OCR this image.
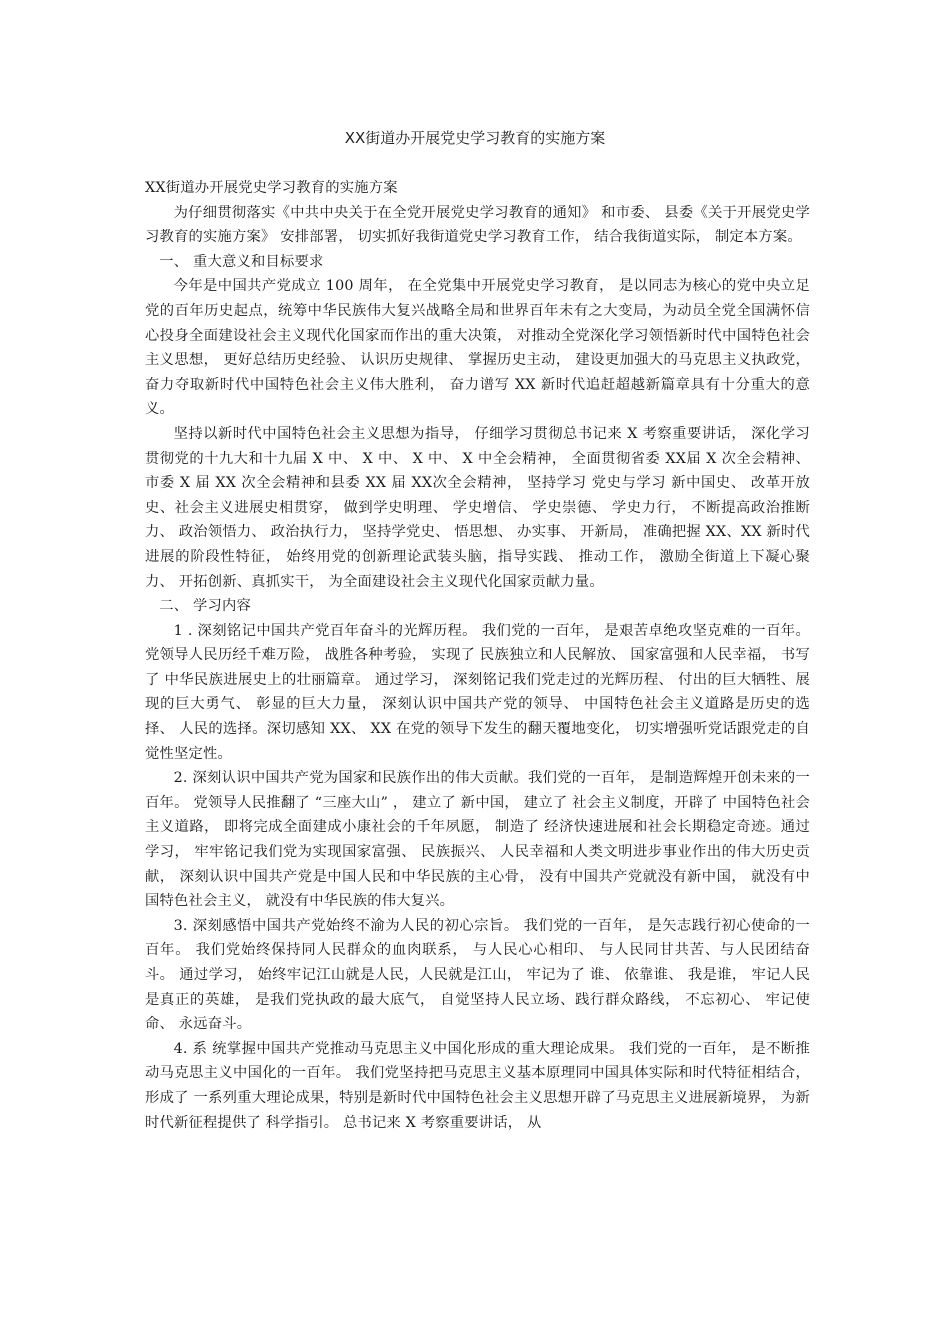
XX街道办开展党史学习教育的实施方案

XX街道办开展党史学习教育的实施方案

为仔细贯彻落实《中共中央关于在全党开展党史学习教育的通知》 和市委、 县委《关于开展党史学习教育的实施方案》 安排部署， 切实抓好我街道党史学习教育工作， 结合我街道实际， 制定本方案。

一、 重大意义和目标要求

今年是中国共产党成立 100 周年， 在全党集中开展党史学习教育， 是以同志为核心的党中央立足党的百年历史起点，统筹中华民族伟大复兴战略全局和世界百年未有之大变局，为动员全党全国满怀信心投身全面建设社会主义现代化国家而作出的重大决策， 对推动全党深化学习领悟新时代中国特色社会主义思想， 更好总结历史经验、 认识历史规律、 掌握历史主动， 建设更加强大的马克思主义执政党， 奋力夺取新时代中国特色社会主义伟大胜利， 奋力谱写 XX 新时代追赶超越新篇章具有十分重大的意义。

坚持以新时代中国特色社会主义思想为指导， 仔细学习贯彻总书记来 X 考察重要讲话， 深化学习贯彻党的十九大和十九届 X 中、 X 中、 X 中、 X 中全会精神， 全面贯彻省委 XX届 X 次全会精神、 市委 X 届 XX 次全会精神和县委 XX 届 XX次全会精神， 坚持学习 党史与学习 新中国史、 改革开放史、社会主义进展史相贯穿， 做到学史明理、 学史增信、 学史崇德、 学史力行， 不断提高政治推断力、 政治领悟力、 政治执行力， 坚持学党史、 悟思想、 办实事、 开新局， 准确把握 XX、XX 新时代进展的阶段性特征， 始终用党的创新理论武装头脑，指导实践、 推动工作， 激励全街道上下凝心聚力、 开拓创新、真抓实干， 为全面建设社会主义现代化国家贡献力量。

二、 学习内容

1 . 深刻铭记中国共产党百年奋斗的光辉历程。 我们党的一百年， 是艰苦卓绝攻坚克难的一百年。 党领导人民历经千难万险， 战胜各种考验， 实现了 民族独立和人民解放、 国家富强和人民幸福， 书写了 中华民族进展史上的壮丽篇章。 通过学习， 深刻铭记我们党走过的光辉历程、 付出的巨大牺牲、展现的巨大勇气、 彰显的巨大力量， 深刻认识中国共产党的领导、 中国特色社会主义道路是历史的选择、 人民的选择。深切感知 XX、 XX 在党的领导下发生的翻天覆地变化， 切实增强听党话跟党走的自觉性坚定性。

2. 深刻认识中国共产党为国家和民族作出的伟大贡献。我们党的一百年， 是制造辉煌开创未来的一百年。 党领导人民推翻了 “三座大山” ， 建立了 新中国， 建立了 社会主义制度，开辟了 中国特色社会主义道路， 即将完成全面建成小康社会的千年夙愿， 制造了 经济快速进展和社会长期稳定奇迹。通过学习， 牢牢铭记我们党为实现国家富强、 民族振兴、 人民幸福和人类文明进步事业作出的伟大历史贡献， 深刻认识中国共产党是中国人民和中华民族的主心骨， 没有中国共产党就没有新中国， 就没有中国特色社会主义， 就没有中华民族的伟大复兴。

3. 深刻感悟中国共产党始终不渝为人民的初心宗旨。 我们党的一百年， 是矢志践行初心使命的一百年。 我们党始终保持同人民群众的血肉联系， 与人民心心相印、 与人民同甘共苦、与人民团结奋斗。 通过学习， 始终牢记江山就是人民，人民就是江山， 牢记为了 谁、 依靠谁、 我是谁， 牢记人民是真正的英雄， 是我们党执政的最大底气， 自觉坚持人民立场、践行群众路线， 不忘初心、 牢记使命、 永远奋斗。

4. 系 统掌握中国共产党推动马克思主义中国化形成的重大理论成果。 我们党的一百年， 是不断推动马克思主义中国化的一百年。 我们党坚持把马克思主义基本原理同中国具体实际和时代特征相结合， 形成了 一系列重大理论成果，特别是新时代中国特色社会主义思想开辟了马克思主义进展新境界， 为新时代新征程提供了 科学指引。 总书记来 X 考察重要讲话， 从
